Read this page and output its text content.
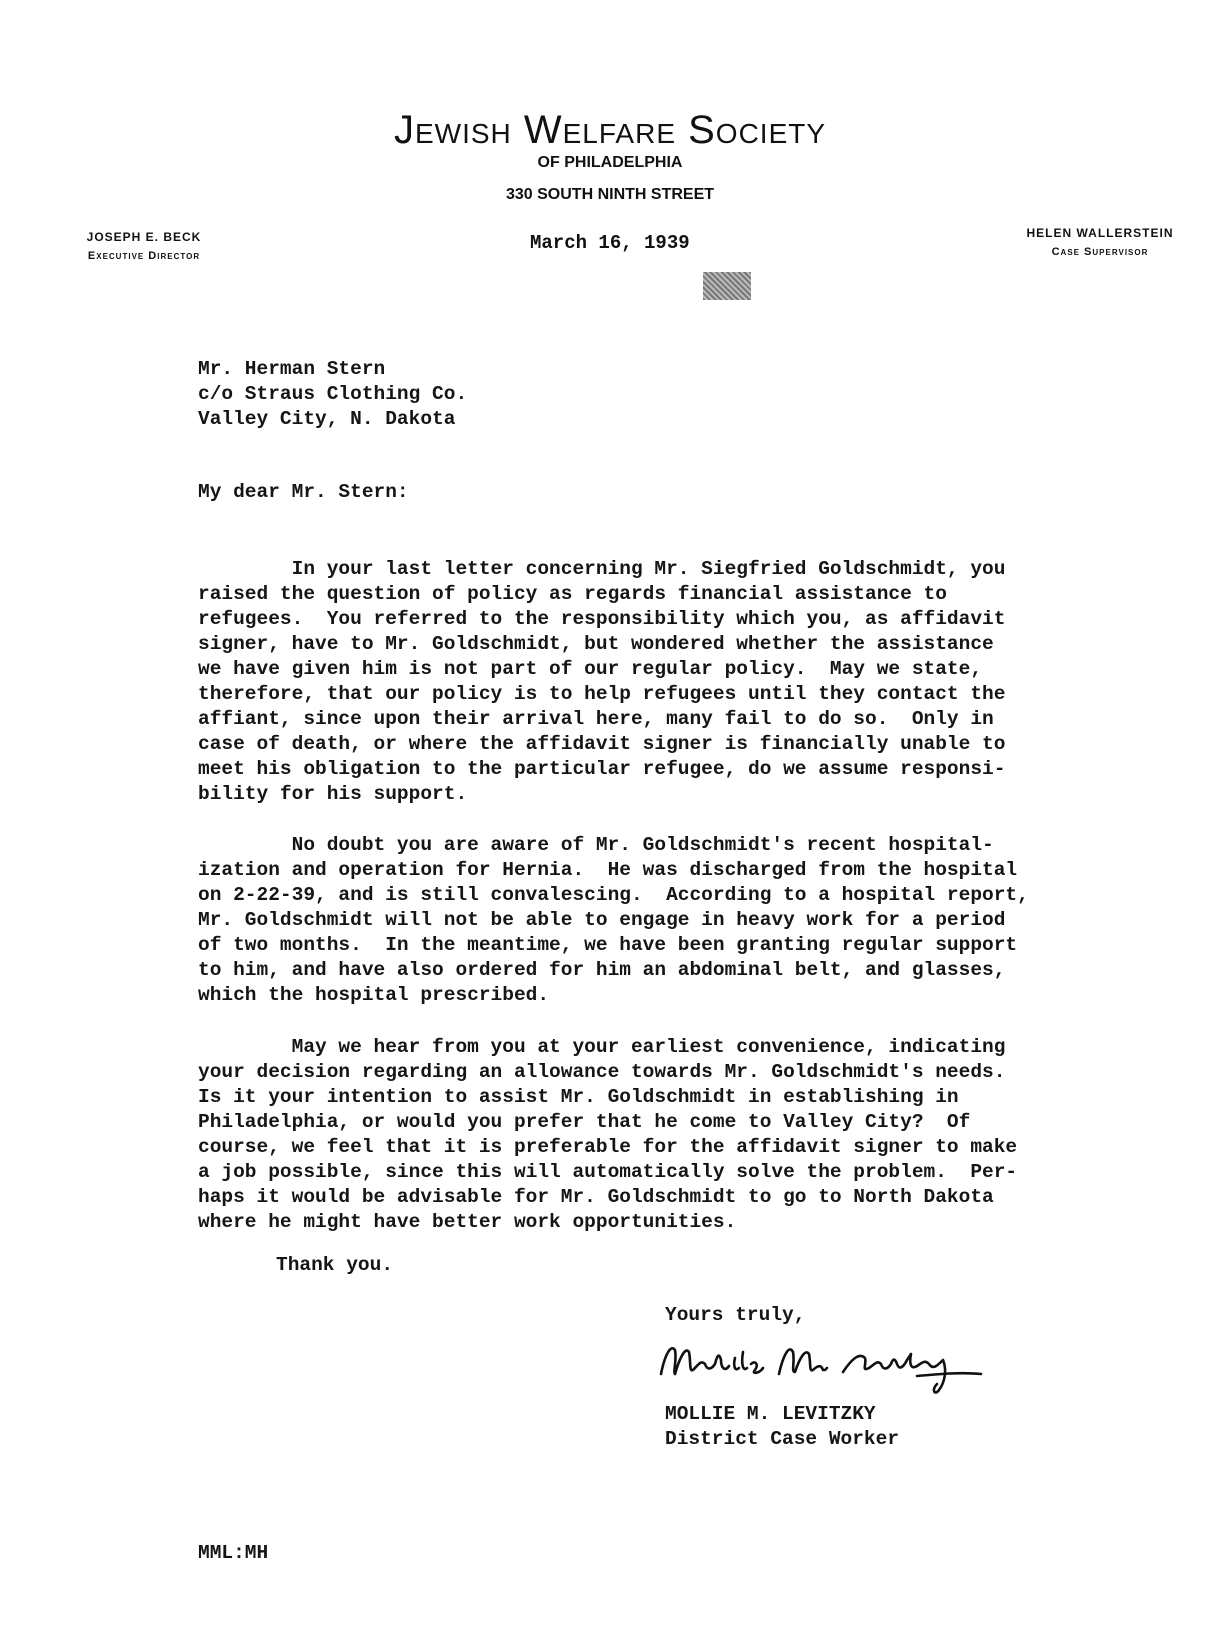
Jewish Welfare Society
OF PHILADELPHIA
330 SOUTH NINTH STREET
JOSEPH E. BECK
Executive Director
HELEN WALLERSTEIN
Case Supervisor
March 16, 1939
Mr. Herman Stern
c/o Straus Clothing Co.
Valley City, N. Dakota
My dear Mr. Stern:
In your last letter concerning Mr. Siegfried Goldschmidt, you
raised the question of policy as regards financial assistance to
refugees.  You referred to the responsibility which you, as affidavit
signer, have to Mr. Goldschmidt, but wondered whether the assistance
we have given him is not part of our regular policy.  May we state,
therefore, that our policy is to help refugees until they contact the
affiant, since upon their arrival here, many fail to do so.  Only in
case of death, or where the affidavit signer is financially unable to
meet his obligation to the particular refugee, do we assume responsi-
bility for his support.
No doubt you are aware of Mr. Goldschmidt's recent hospital-
ization and operation for Hernia.  He was discharged from the hospital
on 2-22-39, and is still convalescing.  According to a hospital report,
Mr. Goldschmidt will not be able to engage in heavy work for a period
of two months.  In the meantime, we have been granting regular support
to him, and have also ordered for him an abdominal belt, and glasses,
which the hospital prescribed.
May we hear from you at your earliest convenience, indicating
your decision regarding an allowance towards Mr. Goldschmidt's needs.
Is it your intention to assist Mr. Goldschmidt in establishing in
Philadelphia, or would you prefer that he come to Valley City?  Of
course, we feel that it is preferable for the affidavit signer to make
a job possible, since this will automatically solve the problem.  Per-
haps it would be advisable for Mr. Goldschmidt to go to North Dakota
where he might have better work opportunities.
Thank you.
Yours truly,
MOLLIE M. LEVITZKY
District Case Worker
MML:MH
